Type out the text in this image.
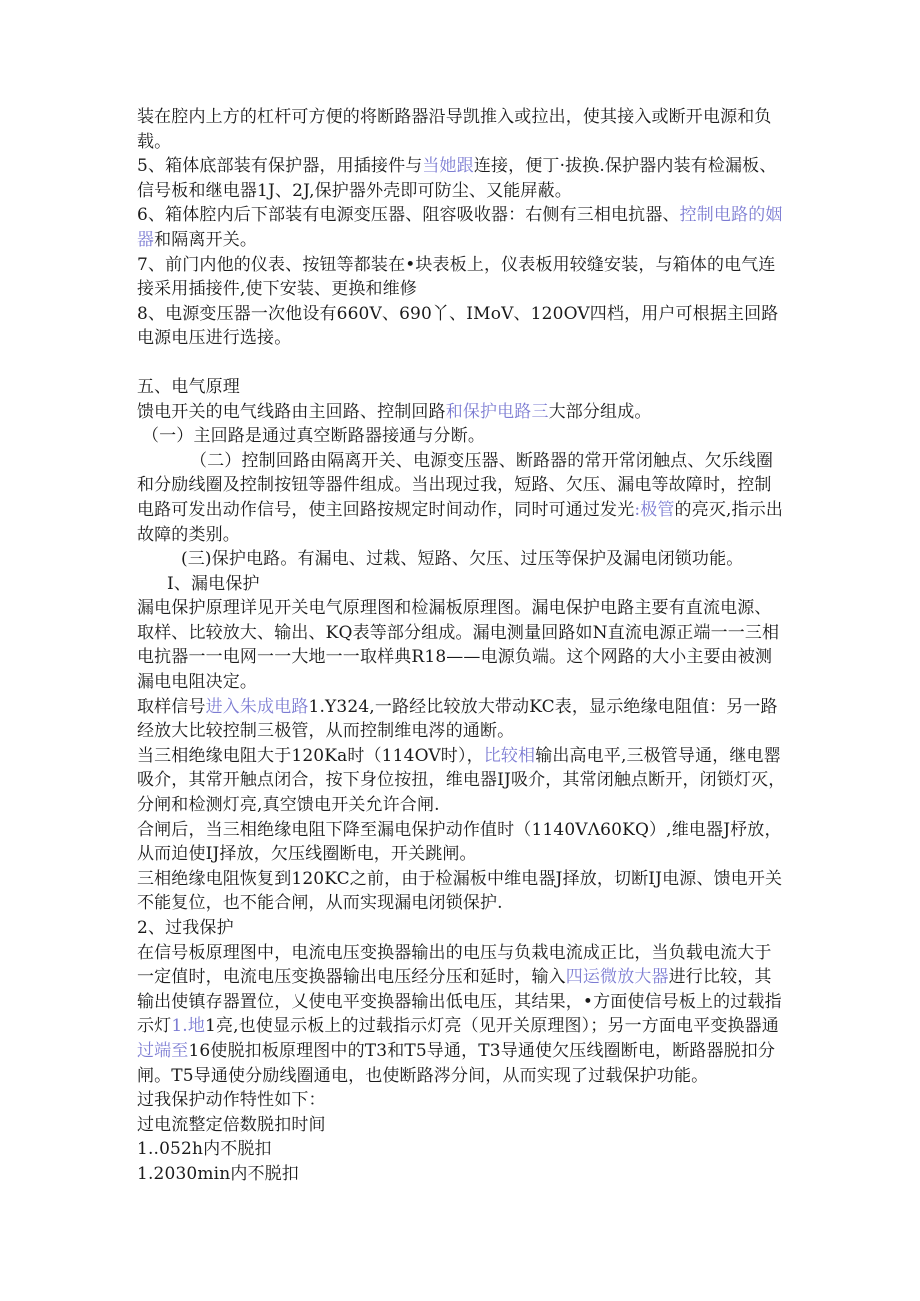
装在腔内上方的杠杆可方便的将断路器沿导凯推入或拉出，使其接入或断开电源和负载。

5、箱体底部装有保护器，用插接件与当她跟连接，便丁·拔换.保护器内装有检漏板、信号板和继电器1J、2J,保护器外壳即可防尘、又能屏蔽。

6、箱体腔内后下部装有电源变压器、阻容吸收器：右侧有三相电抗器、控制电路的姻器和隔离开关。

7、前门内他的仪表、按钮等都装在•块表板上，仪表板用较缝安装，与箱体的电气连接采用插接件,使下安装、更换和维修

8、电源变压器一次他设有660V、690丫、IMoV、120OV四档，用户可根据主回路电源电压进行选接。

五、电气原理

馈电开关的电气线路由主回路、控制回路和保护电路三大部分组成。

（一）主回路是通过真空断路器接通与分断。

（二）控制回路由隔离开关、电源变压器、断路器的常开常闭触点、欠乐线圈和分励线圈及控制按钮等器件组成。当出现过我，短路、欠压、漏电等故障时，控制电路可发出动作信号，使主回路按规定时间动作，同时可通过发光:极管的亮灭,指示出故障的类别。

(三)保护电路。有漏电、过栽、短路、欠压、过压等保护及漏电闭锁功能。

I、漏电保护

漏电保护原理详见开关电气原理图和检漏板原理图。漏电保护电路主要有直流电源、取样、比较放大、输出、KQ表等部分组成。漏电测量回路如N直流电源正端一一三相电抗器一一电网一一大地一一取样典R18——电源负端。这个网路的大小主要由被测漏电电阻决定。

取样信号进入朱成电路1.Y324,一路经比较放大带动KC表，显示绝缘电阻值：另一路经放大比较控制三极管，从而控制维电涔的通断。

当三相绝缘电阻大于120Ka时（114OV时），比较相输出高电平,三极管导通，继电罂吸介，其常开触点闭合，按下身位按扭，维电器IJ吸介，其常闭触点断开，闭锁灯灭，分闸和检测灯亮,真空馈电开关允许合闸.

合闸后，当三相绝缘电阻下降至漏电保护动作值时（1140VΛ60KQ）,维电器J杼放，从而迫使IJ择放，欠压线圈断电，开关跳闸。

三相绝缘电阻恢复到120KC之前，由于检漏板中维电器J择放，切断IJ电源、馈电开关不能复位，也不能合闸，从而实现漏电闭锁保护.

2、过我保护

在信号板原理图中，电流电压变换器输出的电压与负栽电流成正比，当负载电流大于一定值时，电流电压变换器输出电压经分压和延时，输入四运微放大器进行比较，其输出使镇存器置位，乂使电平变换器输出低电压，其结果，•方面使信号板上的过载指示灯1.地1亮,也使显示板上的过载指示灯亮（见开关原理图）；另一方面电平变换器通过端至16使脱扣板原理图中的T3和T5导通，T3导通使欠压线圈断电，断路器脱扣分闸。T5导通使分励线圈通电，也使断路涔分间，从而实现了过载保护功能。

过我保护动作特性如下：

过电流整定倍数脱扣时间

1..052h内不脱扣

1.2030min内不脱扣
